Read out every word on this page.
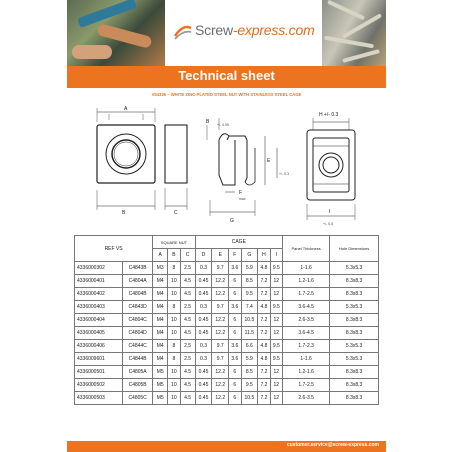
Screw-express.com
Technical sheet
V54336 – WHITE ZINC-PLATED STEEL NUT WITH STAINLESS STEEL CAGE
A
B	C
B +/- 0.05
E
+/- 0.3
F
max
G
H +/- 0.3
I
+/- 0.5
REF VS		SQUARE NUT			CAGE						Panel Thickness	Hole Dimensions
		A	B	C	D	E	F	G	H	I		
4336000302	C4843B	M3	8	2.5	0.3	9.7	3.6	5.9	4.8	9.5	1-1.6	5.3x5.3
4336000401	C4804A	M4	10	4.5	0.45	12.2	6	8.5	7.2	12	1.2-1.6	8.3x8.3
4336000402	C4804B	M4	10	4.5	0.45	12.2	6	9.5	7.2	12	1.7-2.5	8.3x8.3
4336000403	C4843D	M4	8	2.5	0.3	9.7	3.6	7.4	4.8	9.5	3.6-4.5	5.3x5.3
4336000404	C4804C	M4	10	4.5	0.45	12.2	6	10.5	7.2	12	2.6-3.5	8.3x8.3
4336000405	C4804D	M4	10	4.5	0.45	12.2	6	11.5	7.2	12	3.6-4.5	8.3x8.3
4336000406	C4844C	M4	8	2.5	0.3	9.7	3.6	6.6	4.8	9.5	1.7-2.3	5.3x5.3
4336009601	C4844B	M4	8	2.5	0.3	9.7	3.6	5.9	4.8	9.5	1-1.6	5.3x5.3
4336000501	C4805A	M5	10	4.5	0.45	12.2	6	8.5	7.2	12	1.2-1.6	8.3x8.3
4336000502	C4805B	M5	10	4.5	0.45	12.2	6	9.5	7.2	12	1.7-2.5	8.3x8.3
4336000503	C4805C	M5	10	4.5	0.45	12.2	6	10.5	7.2	12	2.6-3.5	8.3x8.3
customer.service@screw-express.com
